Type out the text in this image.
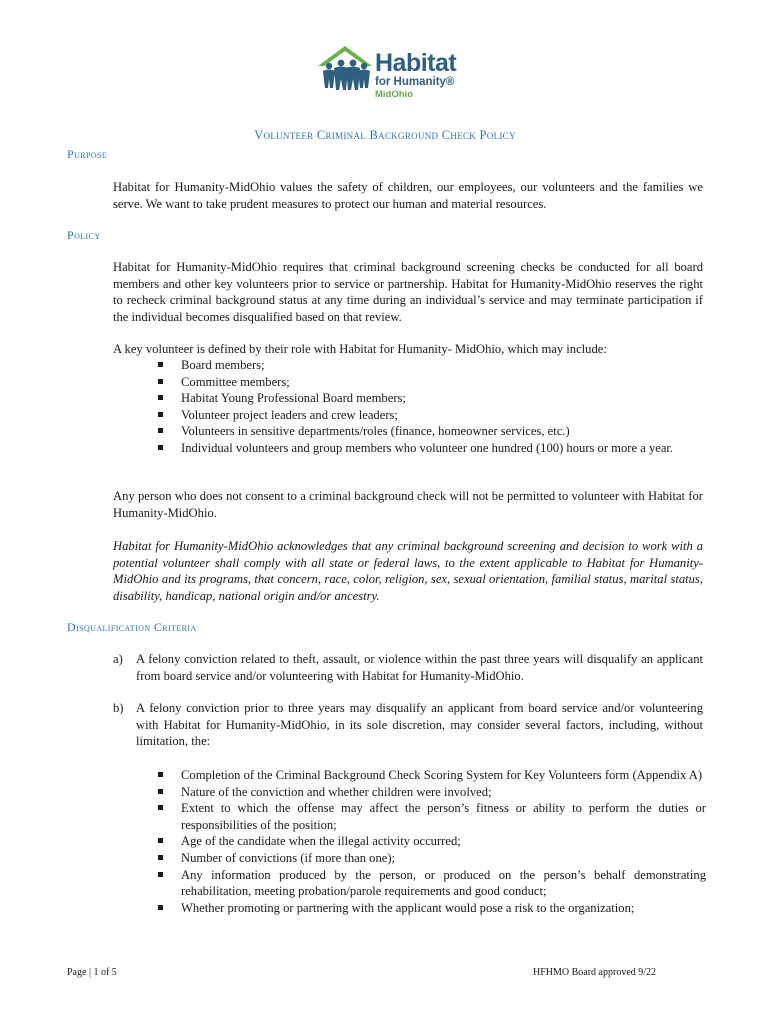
Habitat
for Humanity®
MidOhio
Volunteer Criminal Background Check Policy
Purpose
Habitat for Humanity-MidOhio values the safety of children, our employees, our volunteers and the families we serve. We want to take prudent measures to protect our human and material resources.
Policy
Habitat for Humanity-MidOhio requires that criminal background screening checks be conducted for all board members and other key volunteers prior to service or partnership. Habitat for Humanity-MidOhio reserves the right to recheck criminal background status at any time during an individual’s service and may terminate participation if the individual becomes disqualified based on that review.
A key volunteer is defined by their role with Habitat for Humanity- MidOhio, which may include:
Board members;
Committee members;
Habitat Young Professional Board members;
Volunteer project leaders and crew leaders;
Volunteers in sensitive departments/roles (finance, homeowner services, etc.)
Individual volunteers and group members who volunteer one hundred (100) hours or more a year.
Any person who does not consent to a criminal background check will not be permitted to volunteer with Habitat for Humanity-MidOhio.
Habitat for Humanity-MidOhio acknowledges that any criminal background screening and decision to work with a potential volunteer shall comply with all state or federal laws, to the extent applicable to Habitat for Humanity-MidOhio and its programs, that concern, race, color, religion, sex, sexual orientation, familial status, marital status, disability, handicap, national origin and/or ancestry.
Disqualification Criteria
a) A felony conviction related to theft, assault, or violence within the past three years will disqualify an applicant from board service and/or volunteering with Habitat for Humanity-MidOhio.
b) A felony conviction prior to three years may disqualify an applicant from board service and/or volunteering with Habitat for Humanity-MidOhio, in its sole discretion, may consider several factors, including, without limitation, the:
Completion of the Criminal Background Check Scoring System for Key Volunteers form (Appendix A)
Nature of the conviction and whether children were involved;
Extent to which the offense may affect the person’s fitness or ability to perform the duties or responsibilities of the position;
Age of the candidate when the illegal activity occurred;
Number of convictions (if more than one);
Any information produced by the person, or produced on the person’s behalf demonstrating rehabilitation, meeting probation/parole requirements and good conduct;
Whether promoting or partnering with the applicant would pose a risk to the organization;
Page | 1 of 5	HFHMO Board approved 9/22
